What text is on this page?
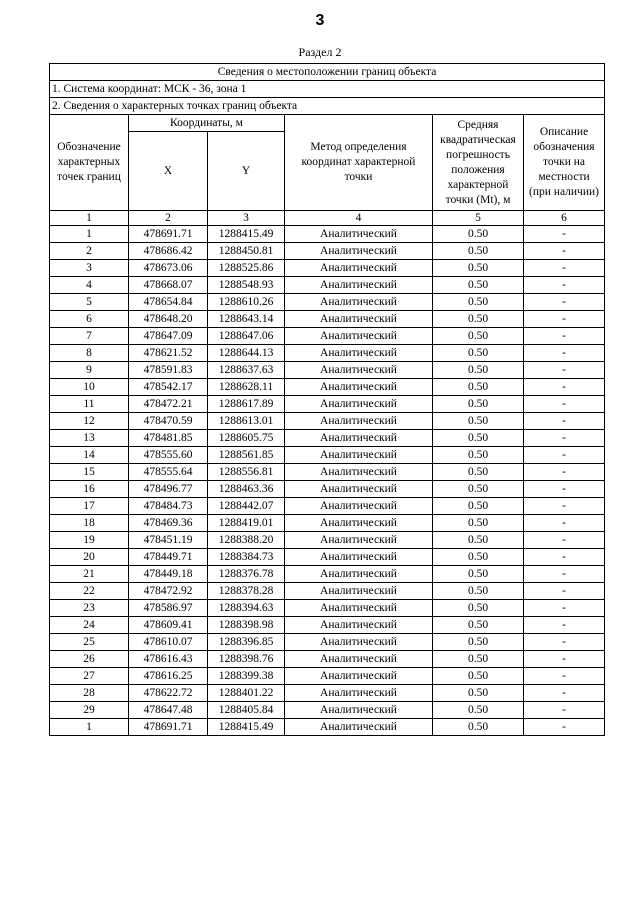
3
Раздел 2
Сведения о местоположении границ объекта					
1. Система координат: МСК - 36, зона 1					
2. Сведения о характерных точках границ объекта					
Обозначение характерных точек границ	Координаты, м		Метод определения координат характерной точки	Средняя квадратическая погрешность положения характерной точки (Mt), м	Описание обозначения точки на местности (при наличии)
	X	Y			
1	2	3	4	5	6
1	478691.71	1288415.49	Аналитический	0.50	-
2	478686.42	1288450.81	Аналитический	0.50	-
3	478673.06	1288525.86	Аналитический	0.50	-
4	478668.07	1288548.93	Аналитический	0.50	-
5	478654.84	1288610.26	Аналитический	0.50	-
6	478648.20	1288643.14	Аналитический	0.50	-
7	478647.09	1288647.06	Аналитический	0.50	-
8	478621.52	1288644.13	Аналитический	0.50	-
9	478591.83	1288637.63	Аналитический	0.50	-
10	478542.17	1288628.11	Аналитический	0.50	-
11	478472.21	1288617.89	Аналитический	0.50	-
12	478470.59	1288613.01	Аналитический	0.50	-
13	478481.85	1288605.75	Аналитический	0.50	-
14	478555.60	1288561.85	Аналитический	0.50	-
15	478555.64	1288556.81	Аналитический	0.50	-
16	478496.77	1288463.36	Аналитический	0.50	-
17	478484.73	1288442.07	Аналитический	0.50	-
18	478469.36	1288419.01	Аналитический	0.50	-
19	478451.19	1288388.20	Аналитический	0.50	-
20	478449.71	1288384.73	Аналитический	0.50	-
21	478449.18	1288376.78	Аналитический	0.50	-
22	478472.92	1288378.28	Аналитический	0.50	-
23	478586.97	1288394.63	Аналитический	0.50	-
24	478609.41	1288398.98	Аналитический	0.50	-
25	478610.07	1288396.85	Аналитический	0.50	-
26	478616.43	1288398.76	Аналитический	0.50	-
27	478616.25	1288399.38	Аналитический	0.50	-
28	478622.72	1288401.22	Аналитический	0.50	-
29	478647.48	1288405.84	Аналитический	0.50	-
1	478691.71	1288415.49	Аналитический	0.50	-
